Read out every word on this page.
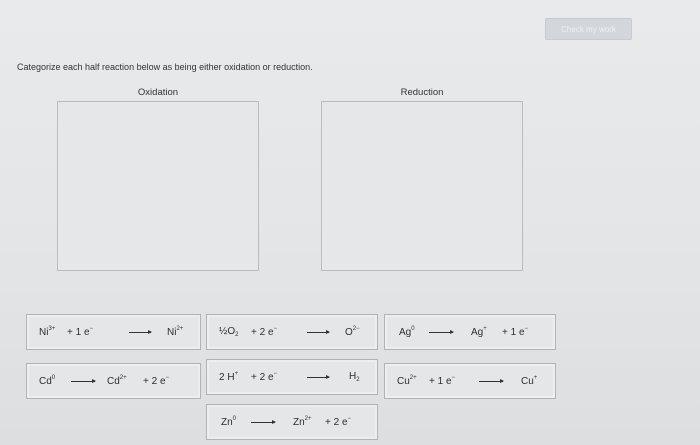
Check my work
Categorize each half reaction below as being either oxidation or reduction.
Oxidation	Reduction
$Ni^{3+} + 1$ e−	$Ni^{2+}$	$\frac{1}{2}O_2 + 2$ e−	$O^{2-}$	Ag$^0$	Ag+ + 1 e−
$Cd^0 \to Cd^{2+} + 2$ e−	2 H+ + 2 e−	$H_2$	$Cu^{2+} + 1$ e−	Cu+
Zn$^0$	$Zn^{2+} + 2$ e−
